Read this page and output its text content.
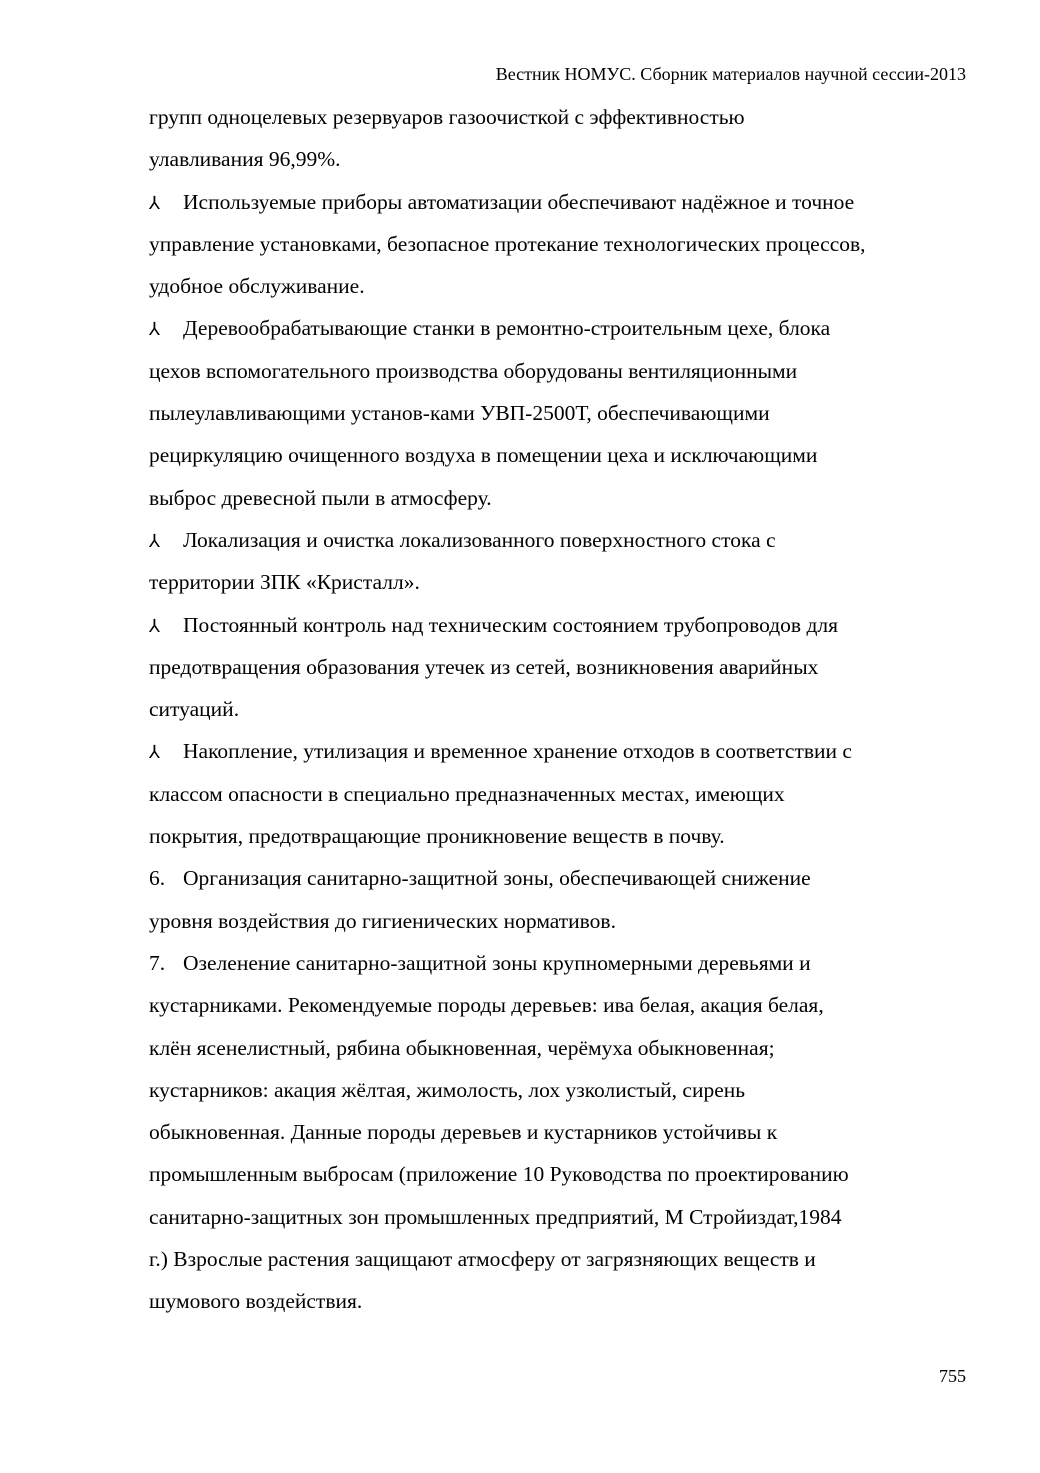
Вестник НОМУС. Сборник материалов научной сессии-2013
групп одноцелевых резервуаров газоочисткой с эффективностью
улавливания 96,99%.
⅄ Используемые приборы автоматизации обеспечивают надёжное и точное
управление установками, безопасное протекание технологических процессов,
удобное обслуживание.
⅄ Деревообрабатывающие станки в ремонтно-строительным цехе, блока
цехов вспомогательного производства оборудованы вентиляционными
пылеулавливающими установ-ками УВП-2500Т, обеспечивающими
рециркуляцию очищенного воздуха в помещении цеха и исключающими
выброс древесной пыли в атмосферу.
⅄ Локализация и очистка локализованного поверхностного стока с
территории ЗПК «Кристалл».
⅄ Постоянный контроль над техническим состоянием трубопроводов для
предотвращения образования утечек из сетей, возникновения аварийных
ситуаций.
⅄ Накопление, утилизация и временное хранение отходов в соответствии с
классом опасности в специально предназначенных местах, имеющих
покрытия, предотвращающие проникновение веществ в почву.
6. Организация санитарно-защитной зоны, обеспечивающей снижение
уровня воздействия до гигиенических нормативов.
7. Озеленение санитарно-защитной зоны крупномерными деревьями и
кустарниками. Рекомендуемые породы деревьев: ива белая, акация белая,
клён ясенелистный, рябина обыкновенная, черёмуха обыкновенная;
кустарников: акация жёлтая, жимолость, лох узколистый, сирень
обыкновенная. Данные породы деревьев и кустарников устойчивы к
промышленным выбросам (приложение 10 Руководства по проектированию
санитарно-защитных зон промышленных предприятий, М Стройиздат,1984
г.) Взрослые растения защищают атмосферу от загрязняющих веществ и
шумового воздействия.
755
